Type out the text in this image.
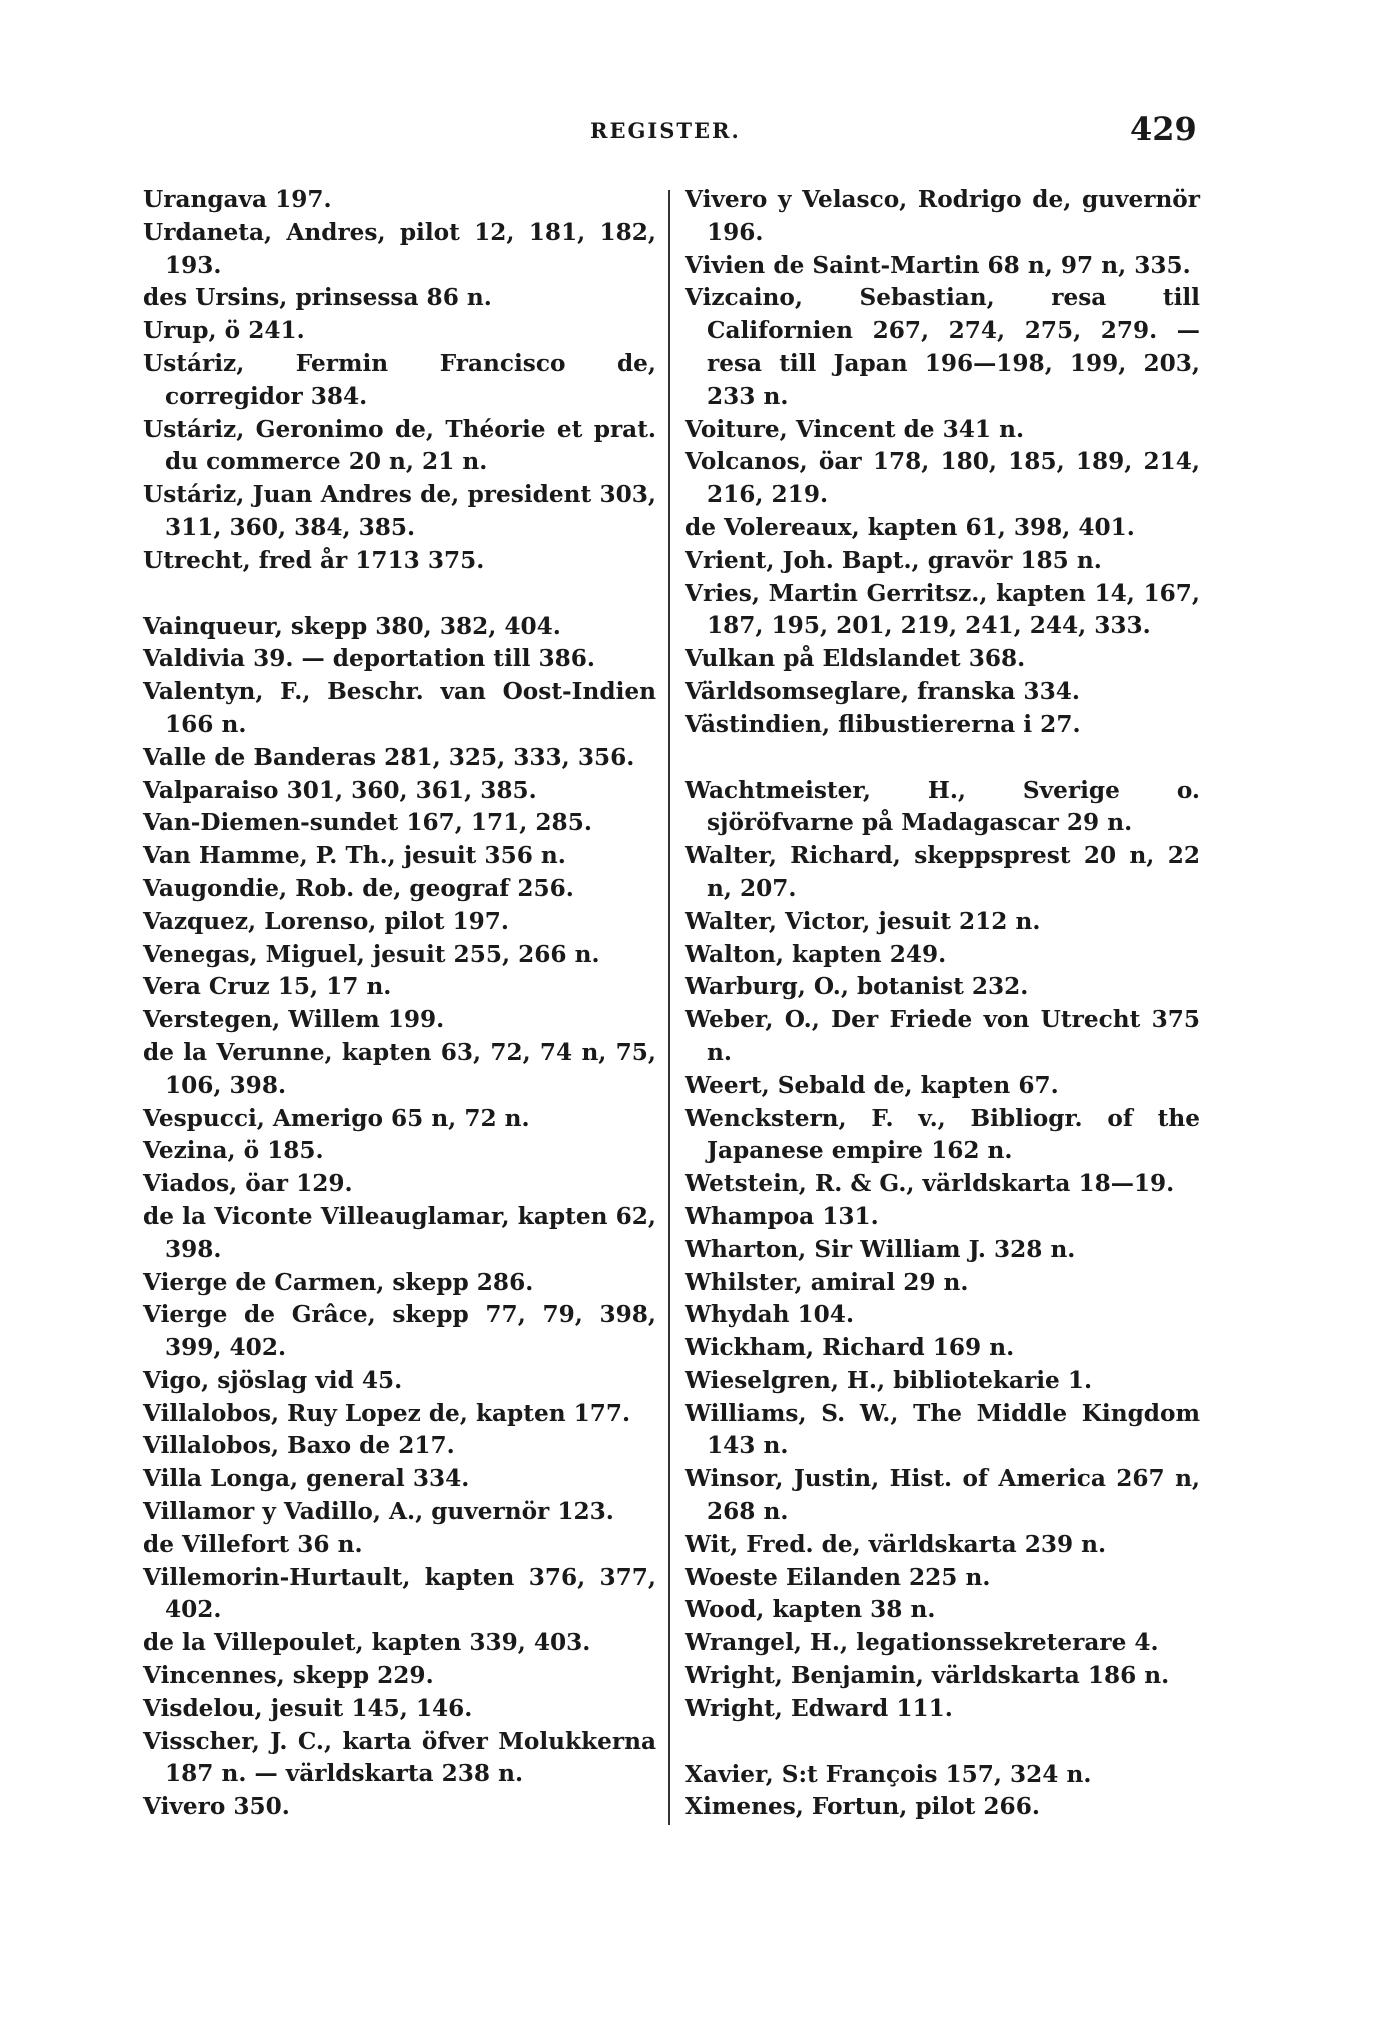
REGISTER.	429

Urangava 197.

Urdaneta, Andres, pilot 12, 181, 182, 193.

des Ursins, prinsessa 86 n.

Urup, ö 241.

Ustáriz, Fermin Francisco de, corregidor 384.

Ustáriz, Geronimo de, Théorie et prat. du commerce 20 n, 21 n.

Ustáriz, Juan Andres de, president 303, 311, 360, 384, 385.

Utrecht, fred år 1713 375.

Vainqueur, skepp 380, 382, 404.

Valdivia 39. — deportation till 386.

Valentyn, F., Beschr. van Oost-Indien 166 n.

Valle de Banderas 281, 325, 333, 356.

Valparaiso 301, 360, 361, 385.

Van-Diemen-sundet 167, 171, 285.

Van Hamme, P. Th., jesuit 356 n.

Vaugondie, Rob. de, geograf 256.

Vazquez, Lorenso, pilot 197.

Venegas, Miguel, jesuit 255, 266 n.

Vera Cruz 15, 17 n.

Verstegen, Willem 199.

de la Verunne, kapten 63, 72, 74 n, 75, 106, 398.

Vespucci, Amerigo 65 n, 72 n.

Vezina, ö 185.

Viados, öar 129.

de la Viconte Villeauglamar, kapten 62, 398.

Vierge de Carmen, skepp 286.

Vierge de Grâce, skepp 77, 79, 398, 399, 402.

Vigo, sjöslag vid 45.

Villalobos, Ruy Lopez de, kapten 177.

Villalobos, Baxo de 217.

Villa Longa, general 334.

Villamor y Vadillo, A., guvernör 123.

de Villefort 36 n.

Villemorin-Hurtault, kapten 376, 377, 402.

de la Villepoulet, kapten 339, 403.

Vincennes, skepp 229.

Visdelou, jesuit 145, 146.

Visscher, J. C., karta öfver Molukkerna 187 n. — världskarta 238 n.

Vivero 350.

Vivero y Velasco, Rodrigo de, guvernör 196.

Vivien de Saint-Martin 68 n, 97 n, 335.

Vizcaino, Sebastian, resa till Californien 267, 274, 275, 279. — resa till Japan 196—198, 199, 203, 233 n.

Voiture, Vincent de 341 n.

Volcanos, öar 178, 180, 185, 189, 214, 216, 219.

de Volereaux, kapten 61, 398, 401.

Vrient, Joh. Bapt., gravör 185 n.

Vries, Martin Gerritsz., kapten 14, 167, 187, 195, 201, 219, 241, 244, 333.

Vulkan på Eldslandet 368.

Världsomseglare, franska 334.

Västindien, flibustiererna i 27.

Wachtmeister, H., Sverige o. sjöröfvarne på Madagascar 29 n.

Walter, Richard, skeppsprest 20 n, 22 n, 207.

Walter, Victor, jesuit 212 n.

Walton, kapten 249.

Warburg, O., botanist 232.

Weber, O., Der Friede von Utrecht 375 n.

Weert, Sebald de, kapten 67.

Wenckstern, F. v., Bibliogr. of the Japanese empire 162 n.

Wetstein, R. & G., världskarta 18—19.

Whampoa 131.

Wharton, Sir William J. 328 n.

Whilster, amiral 29 n.

Whydah 104.

Wickham, Richard 169 n.

Wieselgren, H., bibliotekarie 1.

Williams, S. W., The Middle Kingdom 143 n.

Winsor, Justin, Hist. of America 267 n, 268 n.

Wit, Fred. de, världskarta 239 n.

Woeste Eilanden 225 n.

Wood, kapten 38 n.

Wrangel, H., legationssekreterare 4.

Wright, Benjamin, världskarta 186 n.

Wright, Edward 111.

Xavier, S:t François 157, 324 n.

Ximenes, Fortun, pilot 266.
